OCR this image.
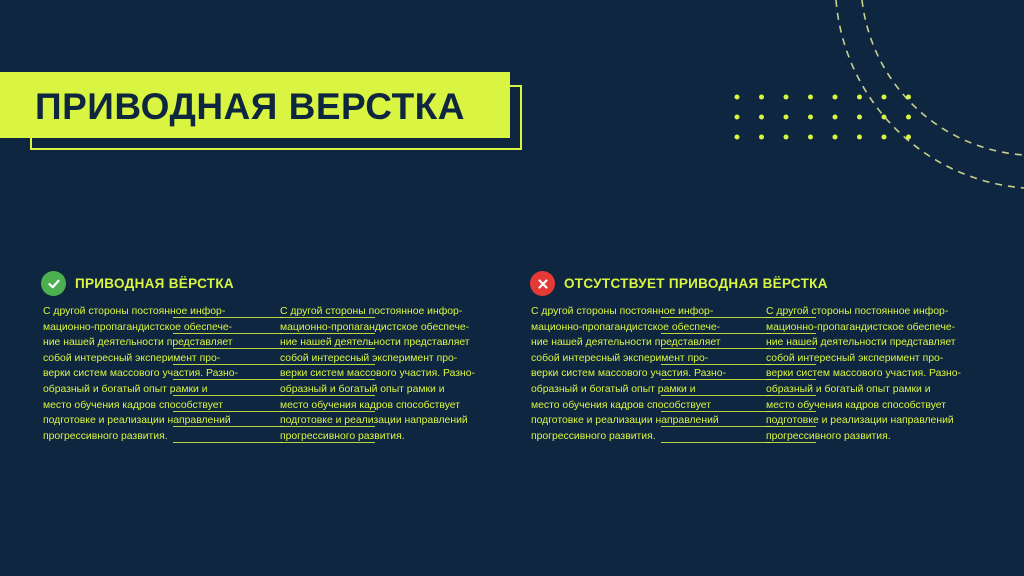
ПРИВОДНАЯ ВЕРСТКА
ПРИВОДНАЯ ВЁРСТКА	ОТСУТСТВУЕТ ПРИВОДНАЯ ВЁРСТКА
С другой стороны постоянное инфор-
мационно-пропагандистское обеспече-
ние нашей деятельности представляет
собой интересный эксперимент про-
верки систем массового участия. Разно-
образный и богатый опыт рамки и
место обучения кадров способствует
подготовке и реализации направлений
прогрессивного развития.
С другой стороны постоянное инфор-
мационно-пропагандистское обеспече-
ние нашей деятельности представляет
собой интересный эксперимент про-
верки систем массового участия. Разно-
образный и богатый опыт рамки и
место обучения кадров способствует
подготовке и реализации направлений
прогрессивного развития.
С другой стороны постоянное инфор-
мационно-пропагандистское обеспече-
ние нашей деятельности представляет
собой интересный эксперимент про-
верки систем массового участия. Разно-
образный и богатый опыт рамки и
место обучения кадров способствует
подготовке и реализации направлений
прогрессивного развития.
С другой стороны постоянное инфор-
мационно-пропагандистское обеспече-
ние нашей деятельности представляет
собой интересный эксперимент про-
верки систем массового участия. Разно-
образный и богатый опыт рамки и
место обучения кадров способствует
подготовке и реализации направлений
прогрессивного развития.
